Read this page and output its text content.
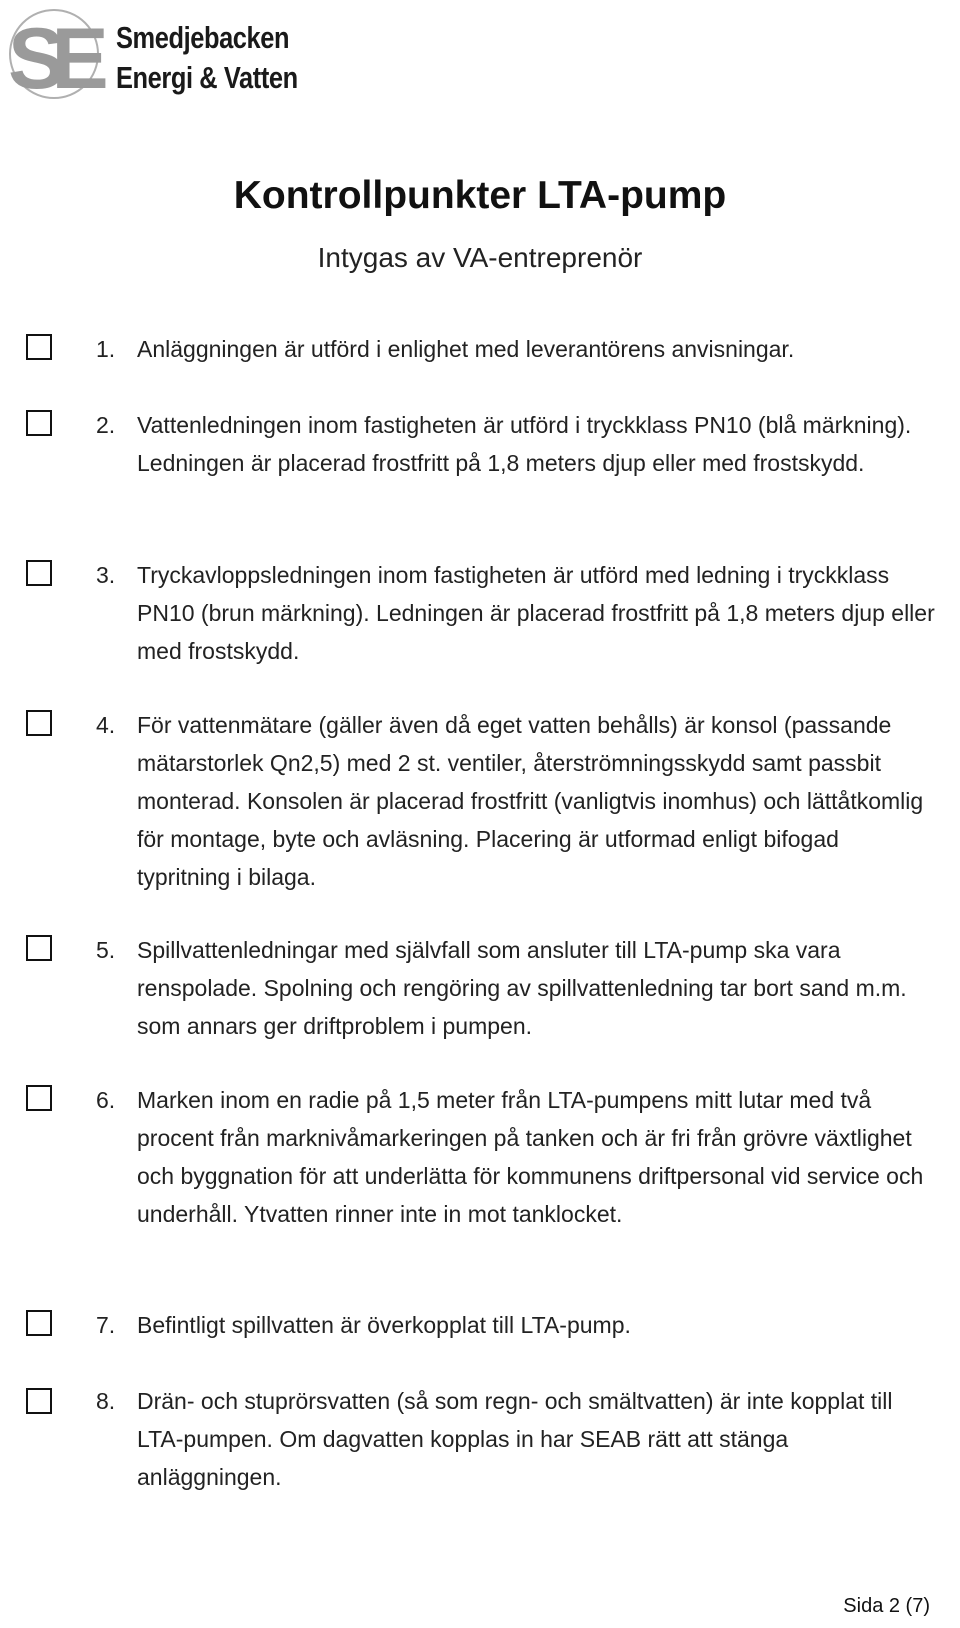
SE Smedjebacken
Energi & Vatten
Kontrollpunkter LTA-pump
Intygas av VA-entreprenör
1. Anläggningen är utförd i enlighet med leverantörens anvisningar.
2. Vattenledningen inom fastigheten är utförd i tryckklass PN10 (blå märkning). Ledningen är placerad frostfritt på 1,8 meters djup eller med frostskydd.
3. Tryckavloppsledningen inom fastigheten är utförd med ledning i tryckklass PN10 (brun märkning). Ledningen är placerad frostfritt på 1,8 meters djup eller med frostskydd.
4. För vattenmätare (gäller även då eget vatten behålls) är konsol (passande mätarstorlek Qn2,5) med 2 st. ventiler, återströmningsskydd samt passbit monterad. Konsolen är placerad frostfritt (vanligtvis inomhus) och lättåtkomlig för montage, byte och avläsning. Placering är utformad enligt bifogad typritning i bilaga.
5. Spillvattenledningar med självfall som ansluter till LTA-pump ska vara renspolade. Spolning och rengöring av spillvattenledning tar bort sand m.m. som annars ger driftproblem i pumpen.
6. Marken inom en radie på 1,5 meter från LTA-pumpens mitt lutar med två procent från marknivåmarkeringen på tanken och är fri från grövre växtlighet och byggnation för att underlätta för kommunens driftpersonal vid service och underhåll. Ytvatten rinner inte in mot tanklocket.
7. Befintligt spillvatten är överkopplat till LTA-pump.
8. Drän- och stuprörsvatten (så som regn- och smältvatten) är inte kopplat till LTA-pumpen. Om dagvatten kopplas in har SEAB rätt att stänga anläggningen.
Sida 2 (7)
